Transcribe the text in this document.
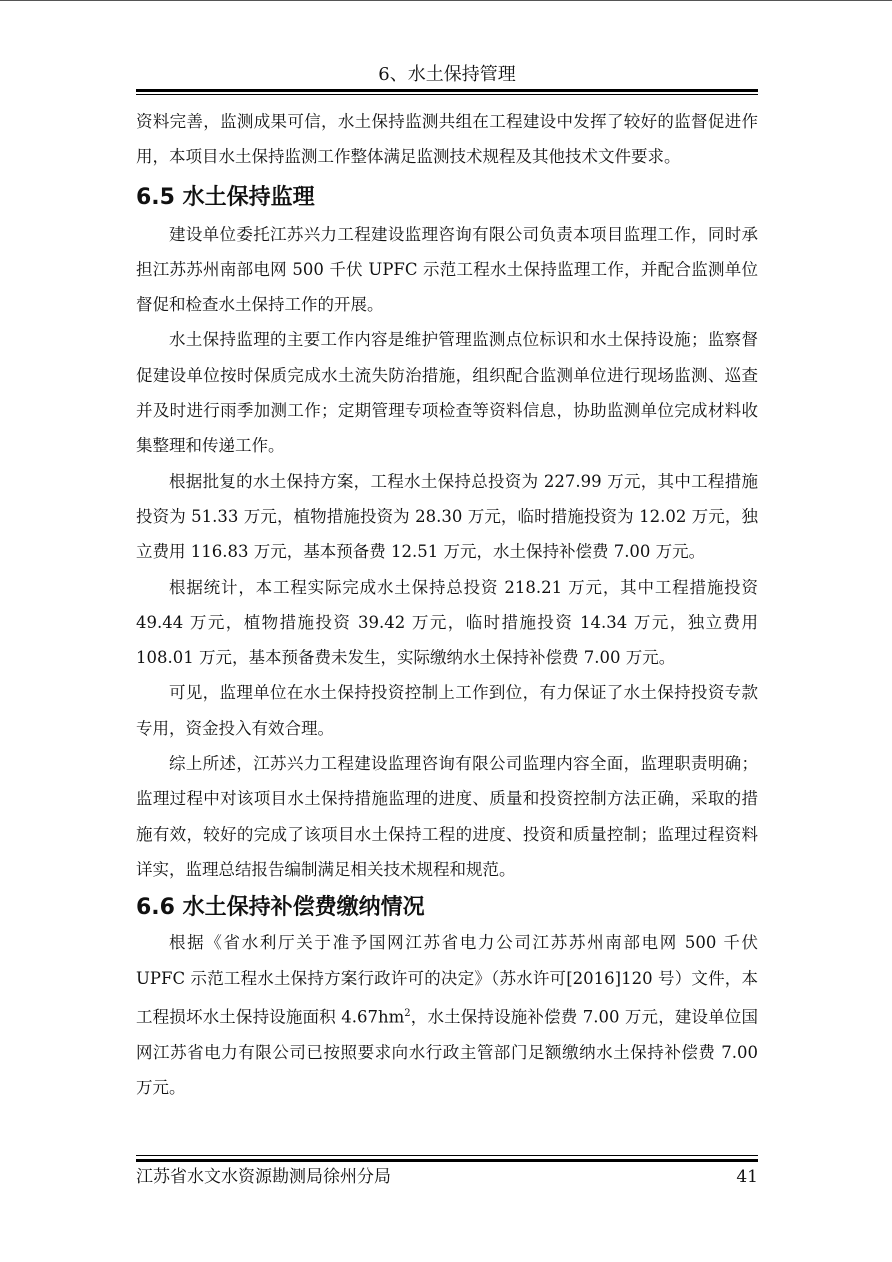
6、水土保持管理

资料完善，监测成果可信，水土保持监测共组在工程建设中发挥了较好的监督促进作用，本项目水土保持监测工作整体满足监测技术规程及其他技术文件要求。

6.5 水土保持监理

建设单位委托江苏兴力工程建设监理咨询有限公司负责本项目监理工作，同时承担江苏苏州南部电网 500 千伏 UPFC 示范工程水土保持监理工作，并配合监测单位督促和检查水土保持工作的开展。

水土保持监理的主要工作内容是维护管理监测点位标识和水土保持设施；监察督促建设单位按时保质完成水土流失防治措施，组织配合监测单位进行现场监测、巡查并及时进行雨季加测工作；定期管理专项检查等资料信息，协助监测单位完成材料收集整理和传递工作。

根据批复的水土保持方案，工程水土保持总投资为 227.99 万元，其中工程措施投资为 51.33 万元，植物措施投资为 28.30 万元，临时措施投资为 12.02 万元，独立费用 116.83 万元，基本预备费 12.51 万元，水土保持补偿费 7.00 万元。

根据统计，本工程实际完成水土保持总投资 218.21 万元，其中工程措施投资 49.44 万元，植物措施投资 39.42 万元，临时措施投资 14.34 万元，独立费用 108.01 万元，基本预备费未发生，实际缴纳水土保持补偿费 7.00 万元。

可见，监理单位在水土保持投资控制上工作到位，有力保证了水土保持投资专款专用，资金投入有效合理。

综上所述，江苏兴力工程建设监理咨询有限公司监理内容全面，监理职责明确；监理过程中对该项目水土保持措施监理的进度、质量和投资控制方法正确，采取的措施有效，较好的完成了该项目水土保持工程的进度、投资和质量控制；监理过程资料详实，监理总结报告编制满足相关技术规程和规范。

6.6 水土保持补偿费缴纳情况

根据《省水利厅关于准予国网江苏省电力公司江苏苏州南部电网 500 千伏 UPFC 示范工程水土保持方案行政许可的决定》（苏水许可[2016]120 号）文件，本工程损坏水土保持设施面积 $4.67hm^2$，水土保持设施补偿费 7.00 万元，建设单位国网江苏省电力有限公司已按照要求向水行政主管部门足额缴纳水土保持补偿费 7.00 万元。

江苏省水文水资源勘测局徐州分局	41
